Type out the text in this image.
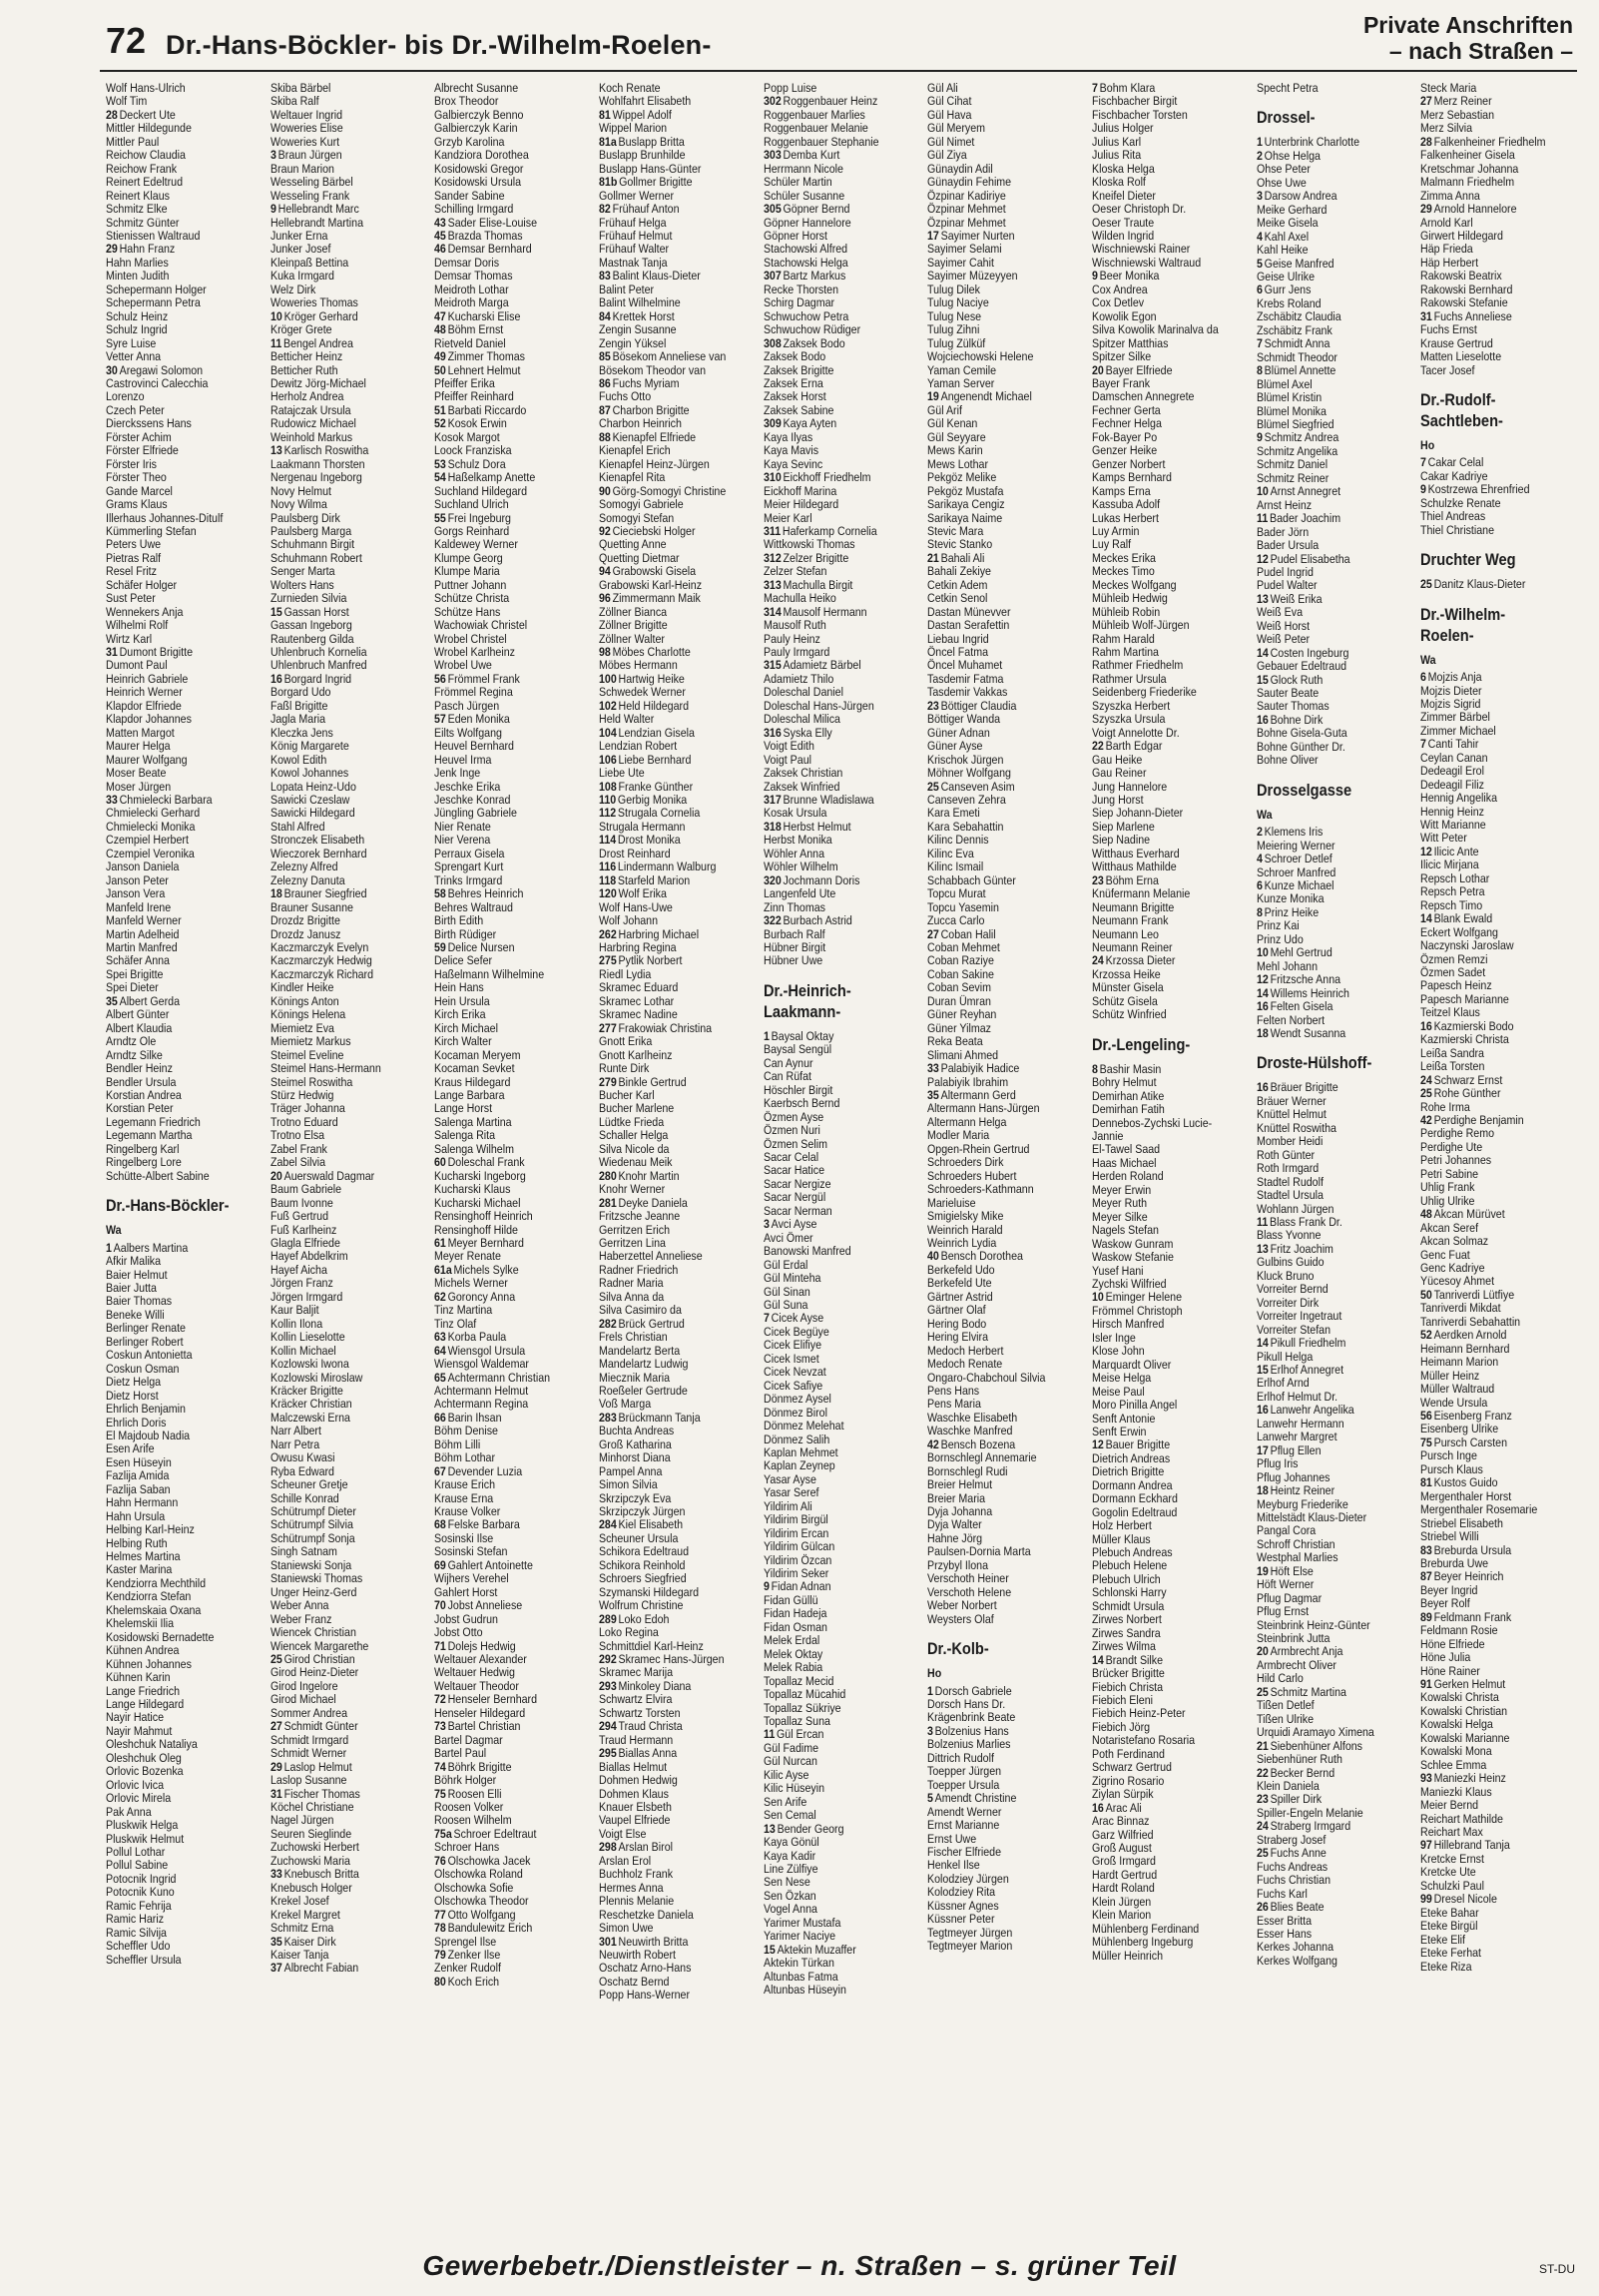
72 Dr.-Hans-Böckler- bis Dr.-Wilhelm-Roelen-
Private Anschriften
– nach Straßen –
Wolf Hans-Ulrich
Wolf Tim
28 Deckert Ute
Mittler Hildegunde
Mittler Paul
Reichow Claudia
Reichow Frank
Reinert Edeltrud
Reinert Klaus
Schmitz Elke
Schmitz Günter
Stienissen Waltraud
29 Hahn Franz
Hahn Marlies
Minten Judith
Schepermann Holger
Schepermann Petra
Schulz Heinz
Schulz Ingrid
Syre Luise
Vetter Anna
30 Aregawi Solomon
Castrovinci Calecchia
Lorenzo
Czech Peter
Dierckssens Hans
Förster Achim
Förster Elfriede
Förster Iris
Förster Theo
Gande Marcel
Grams Klaus
Illerhaus Johannes-Ditulf
Kümmerling Stefan
Peters Uwe
Pietras Ralf
Resel Fritz
Schäfer Holger
Sust Peter
Wennekers Anja
Wilhelmi Rolf
Wirtz Karl
31 Dumont Brigitte
Dumont Paul
Heinrich Gabriele
Heinrich Werner
Klapdor Elfriede
Klapdor Johannes
Matten Margot
Maurer Helga
Maurer Wolfgang
Moser Beate
Moser Jürgen
33 Chmielecki Barbara
Chmielecki Gerhard
Chmielecki Monika
Czempiel Herbert
Czempiel Veronika
Janson Daniela
Janson Peter
Janson Vera
Manfeld Irene
Manfeld Werner
Martin Adelheid
Martin Manfred
Schäfer Anna
Spei Brigitte
Spei Dieter
35 Albert Gerda
Albert Günter
Albert Klaudia
Arndtz Ole
Arndtz Silke
Bendler Heinz
Bendler Ursula
Korstian Andrea
Korstian Peter
Legemann Friedrich
Legemann Martha
Ringelberg Karl
Ringelberg Lore
Schütte-Albert Sabine
Dr.-Hans-Böckler-
Wa
1 Aalbers Martina
Afkir Malika
Baier Helmut
Baier Jutta
Baier Thomas
Beneke Willi
Berlinger Renate
Berlinger Robert
Coskun Antonietta
Coskun Osman
Dietz Helga
Dietz Horst
Ehrlich Benjamin
Ehrlich Doris
El Majdoub Nadia
Esen Arife
Esen Hüseyin
Fazlija Amida
Fazlija Saban
Hahn Hermann
Hahn Ursula
Helbing Karl-Heinz
Helbing Ruth
Helmes Martina
Kaster Marina
Kendziorra Mechthild
Kendziorra Stefan
Khelemskaia Oxana
Khelemskii Ilia
Kosidowski Bernadette
Kühnen Andrea
Kühnen Johannes
Kühnen Karin
Lange Friedrich
Lange Hildegard
Nayir Hatice
Nayir Mahmut
Oleshchuk Nataliya
Oleshchuk Oleg
Orlovic Bozenka
Orlovic Ivica
Orlovic Mirela
Pak Anna
Pluskwik Helga
Pluskwik Helmut
Pollul Lothar
Pollul Sabine
Potocnik Ingrid
Potocnik Kuno
Ramic Fehrija
Ramic Hariz
Ramic Silvija
Scheffler Udo
Scheffler Ursula
Skiba Bärbel
Skiba Ralf
Weltauer Ingrid
Woweries Elise
Woweries Kurt
3 Braun Jürgen
Braun Marion
Wesseling Bärbel
Wesseling Frank
9 Hellebrandt Marc
Hellebrandt Martina
Junker Erna
Junker Josef
Kleinpaß Bettina
Kuka Irmgard
Welz Dirk
Woweries Thomas
10 Kröger Gerhard
Kröger Grete
11 Bengel Andrea
Betticher Heinz
Betticher Ruth
Dewitz Jörg-Michael
Herholz Andrea
Ratajczak Ursula
Rudowicz Michael
Weinhold Markus
13 Karlisch Roswitha
Laakmann Thorsten
Nergenau Ingeborg
Novy Helmut
Novy Wilma
Paulsberg Dirk
Paulsberg Marga
Schuhmann Birgit
Schuhmann Robert
Senger Marta
Wolters Hans
Zurnieden Silvia
15 Gassan Horst
Gassan Ingeborg
Rautenberg Gilda
Uhlenbruch Kornelia
Uhlenbruch Manfred
16 Borgard Ingrid
Borgard Udo
Faßl Brigitte
Jagla Maria
Kleczka Jens
König Margarete
Kowol Edith
Kowol Johannes
Lopata Heinz-Udo
Sawicki Czeslaw
Sawicki Hildegard
Stahl Alfred
Stronczek Elisabeth
Wieczorek Bernhard
Zelezny Alfred
Zelezny Danuta
18 Brauner Siegfried
Brauner Susanne
Drozdz Brigitte
Drozdz Janusz
Kaczmarczyk Evelyn
Kaczmarczyk Hedwig
Kaczmarczyk Richard
Kindler Heike
Könings Anton
Könings Helena
Miemietz Eva
Miemietz Markus
Steimel Eveline
Steimel Hans-Hermann
Steimel Roswitha
Stürz Hedwig
Träger Johanna
Trotno Eduard
Trotno Elsa
Zabel Frank
Zabel Silvia
20 Auerswald Dagmar
Baum Gabriele
Baum Ivonne
Fuß Gertrud
Fuß Karlheinz
Glagla Elfriede
Hayef Abdelkrim
Hayef Aicha
Jörgen Franz
Jörgen Irmgard
Kaur Baljit
Kollin Ilona
Kollin Lieselotte
Kollin Michael
Kozlowski Iwona
Kozlowski Miroslaw
Kräcker Brigitte
Kräcker Christian
Malczewski Erna
Narr Albert
Narr Petra
Owusu Kwasi
Ryba Edward
Scheuner Gretje
Schille Konrad
Schütrumpf Dieter
Schütrumpf Silvia
Schütrumpf Sonja
Singh Satnam
Staniewski Sonja
Staniewski Thomas
Unger Heinz-Gerd
Weber Anna
Weber Franz
Wiencek Christian
Wiencek Margarethe
25 Girod Christian
Girod Heinz-Dieter
Girod Ingelore
Girod Michael
Sommer Andrea
27 Schmidt Günter
Schmidt Irmgard
Schmidt Werner
29 Laslop Helmut
Laslop Susanne
31 Fischer Thomas
Köchel Christiane
Nagel Jürgen
Seuren Sieglinde
Zuchowski Herbert
Zuchowski Maria
33 Knebusch Britta
Knebusch Holger
Krekel Josef
Krekel Margret
Schmitz Erna
35 Kaiser Dirk
Kaiser Tanja
37 Albrecht Fabian
Albrecht Susanne
Brox Theodor
Galbierczyk Benno
Galbierczyk Karin
Grzyb Karolina
Kandziora Dorothea
Kosidowski Gregor
Kosidowski Ursula
Sander Sabine
Schilling Irmgard
43 Sader Elise-Louise
45 Brazda Thomas
46 Demsar Bernhard
Demsar Doris
Demsar Thomas
Meidroth Lothar
Meidroth Marga
47 Kucharski Elise
48 Böhm Ernst
Rietveld Daniel
49 Zimmer Thomas
50 Lehnert Helmut
Pfeiffer Erika
Pfeiffer Reinhard
51 Barbati Riccardo
52 Kosok Erwin
Kosok Margot
Loock Franziska
53 Schulz Dora
54 Haßelkamp Anette
Suchland Hildegard
Suchland Ulrich
55 Frei Ingeburg
Gorgs Reinhard
Kaldewey Werner
Klumpe Georg
Klumpe Maria
Puttner Johann
Schütze Christa
Schütze Hans
Wachowiak Christel
Wrobel Christel
Wrobel Karlheinz
Wrobel Uwe
56 Frömmel Frank
Frömmel Regina
Pasch Jürgen
57 Eden Monika
Eilts Wolfgang
Heuvel Bernhard
Heuvel Irma
Jenk Inge
Jeschke Erika
Jeschke Konrad
Jüngling Gabriele
Nier Renate
Nier Verena
Perraux Gisela
Sprengart Kurt
Trinks Irmgard
58 Behres Heinrich
Behres Waltraud
Birth Edith
Birth Rüdiger
59 Delice Nursen
Delice Sefer
Haßelmann Wilhelmine
Hein Hans
Hein Ursula
Kirch Erika
Kirch Michael
Kirch Walter
Kocaman Meryem
Kocaman Sevket
Kraus Hildegard
Lange Barbara
Lange Horst
Salenga Martina
Salenga Rita
Salenga Wilhelm
60 Doleschal Frank
Kucharski Ingeborg
Kucharski Klaus
Kucharski Michael
Rensinghoff Heinrich
Rensinghoff Hilde
61 Meyer Bernhard
Meyer Renate
61a Michels Sylke
Michels Werner
62 Goroncy Anna
Tinz Martina
Tinz Olaf
63 Korba Paula
64 Wiensgol Ursula
Wiensgol Waldemar
65 Achtermann Christian
Achtermann Helmut
Achtermann Regina
66 Barin Ihsan
Böhm Denise
Böhm Lilli
Böhm Lothar
67 Devender Luzia
Krause Erich
Krause Erna
Krause Volker
68 Felske Barbara
Sosinski Ilse
Sosinski Stefan
69 Gahlert Antoinette
Wijhers Verehel
Gahlert Horst
70 Jobst Anneliese
Jobst Gudrun
Jobst Otto
71 Dolejs Hedwig
Weltauer Alexander
Weltauer Hedwig
Weltauer Theodor
72 Henseler Bernhard
Henseler Hildegard
73 Bartel Christian
Bartel Dagmar
Bartel Paul
74 Böhrk Brigitte
Böhrk Holger
75 Roosen Elli
Roosen Volker
Roosen Wilhelm
75a Schroer Edeltraut
Schroer Hans
76 Olschowka Jacek
Olschowka Roland
Olschowka Sofie
Olschowka Theodor
77 Otto Wolfgang
78 Bandulewitz Erich
Sprengel Ilse
79 Zenker Ilse
Zenker Rudolf
80 Koch Erich
Koch Renate
Wohlfahrt Elisabeth
81 Wippel Adolf
Wippel Marion
81a Buslapp Britta
Buslapp Brunhilde
Buslapp Hans-Günter
81b Gollmer Brigitte
Gollmer Werner
82 Frühauf Anton
Frühauf Helga
Frühauf Helmut
Frühauf Walter
Mastnak Tanja
83 Balint Klaus-Dieter
Balint Peter
Balint Wilhelmine
84 Krettek Horst
Zengin Susanne
Zengin Yüksel
85 Bösekom Anneliese van
Bösekom Theodor van
86 Fuchs Myriam
Fuchs Otto
87 Charbon Brigitte
Charbon Heinrich
88 Kienapfel Elfriede
Kienapfel Erich
Kienapfel Heinz-Jürgen
Kienapfel Rita
90 Görg-Somogyi Christine
Somogyi Gabriele
Somogyi Stefan
92 Cieciebski Holger
Quetting Anne
Quetting Dietmar
94 Grabowski Gisela
Grabowski Karl-Heinz
96 Zimmermann Maik
Zöllner Bianca
Zöllner Brigitte
Zöllner Walter
98 Möbes Charlotte
Möbes Hermann
100 Hartwig Heike
Schwedek Werner
102 Held Hildegard
Held Walter
104 Lendzian Gisela
Lendzian Robert
106 Liebe Bernhard
Liebe Ute
108 Franke Günther
110 Gerbig Monika
112 Strugala Cornelia
Strugala Hermann
114 Drost Monika
Drost Reinhard
116 Lindermann Walburg
118 Starfeld Marion
120 Wolf Erika
Wolf Hans-Uwe
Wolf Johann
262 Harbring Michael
Harbring Regina
275 Pytlik Norbert
Riedl Lydia
Skramec Eduard
Skramec Lothar
Skramec Nadine
277 Frakowiak Christina
Gnott Erika
Gnott Karlheinz
Runte Dirk
279 Binkle Gertrud
Bucher Karl
Bucher Marlene
Lüdtke Frieda
Schaller Helga
Silva Nicole da
Wiedenau Meik
280 Knohr Martin
Knohr Werner
281 Deyke Daniela
Fritzsche Jeanne
Gerritzen Erich
Gerritzen Lina
Haberzettel Anneliese
Radner Friedrich
Radner Maria
Silva Anna da
Silva Casimiro da
282 Brück Gertrud
Frels Christian
Mandelartz Berta
Mandelartz Ludwig
Miecznik Maria
Roeßeler Gertrude
Voß Marga
283 Brückmann Tanja
Buchta Andreas
Groß Katharina
Minhorst Diana
Pampel Anna
Simon Silvia
Skrzipczyk Eva
Skrzipczyk Jürgen
284 Kiel Elisabeth
Scheuner Ursula
Schikora Edeltraud
Schikora Reinhold
Schroers Siegfried
Szymanski Hildegard
Wolfrum Christine
289 Loko Edoh
Loko Regina
Schmittdiel Karl-Heinz
292 Skramec Hans-Jürgen
Skramec Marija
293 Minkoley Diana
Schwartz Elvira
Schwartz Torsten
294 Traud Christa
Traud Hermann
295 Biallas Anna
Biallas Helmut
Dohmen Hedwig
Dohmen Klaus
Knauer Elsbeth
Vaupel Elfriede
Voigt Else
298 Arslan Birol
Arslan Erol
Buchholz Frank
Hermes Anna
Plennis Melanie
Reschetzke Daniela
Simon Uwe
301 Neuwirth Britta
Neuwirth Robert
Oschatz Arno-Hans
Oschatz Bernd
Popp Hans-Werner
Popp Luise
302 Roggenbauer Heinz
Roggenbauer Marlies
Roggenbauer Melanie
Roggenbauer Stephanie
303 Demba Kurt
Herrmann Nicole
Schüler Martin
Schüler Susanne
305 Göpner Bernd
Göpner Hannelore
Göpner Horst
Stachowski Alfred
Stachowski Helga
307 Bartz Markus
Recke Thorsten
Schirg Dagmar
Schwuchow Petra
Schwuchow Rüdiger
308 Zaksek Bodo
Zaksek Bodo
Zaksek Brigitte
Zaksek Erna
Zaksek Horst
Zaksek Sabine
309 Kaya Ayten
Kaya Ilyas
Kaya Mavis
Kaya Sevinc
310 Eickhoff Friedhelm
Eickhoff Marina
Meier Hildegard
Meier Karl
311 Haferkamp Cornelia
Wittkowski Thomas
312 Zelzer Brigitte
Zelzer Stefan
313 Machulla Birgit
Machulla Heiko
314 Mausolf Hermann
Mausolf Ruth
Pauly Heinz
Pauly Irmgard
315 Adamietz Bärbel
Adamietz Thilo
Doleschal Daniel
Doleschal Hans-Jürgen
Doleschal Milica
316 Syska Elly
Voigt Edith
Voigt Paul
Zaksek Christian
Zaksek Winfried
317 Brunne Wladislawa
Kosak Ursula
318 Herbst Helmut
Herbst Monika
Wöhler Anna
Wöhler Wilhelm
320 Jochmann Doris
Langenfeld Ute
Zinn Thomas
322 Burbach Astrid
Burbach Ralf
Hübner Birgit
Hübner Uwe
Dr.-Heinrich-
Laakmann-
1 Baysal Oktay
Baysal Sengül
Can Aynur
Can Rüfat
Höschler Birgit
Kaerbsch Bernd
Özmen Ayse
Özmen Nuri
Özmen Selim
Sacar Celal
Sacar Hatice
Sacar Nergize
Sacar Nergül
Sacar Nerman
3 Avci Ayse
Avci Ömer
Banowski Manfred
Gül Erdal
Gül Minteha
Gül Sinan
Gül Suna
7 Cicek Ayse
Cicek Begüye
Cicek Elifiye
Cicek Ismet
Cicek Nevzat
Cicek Safiye
Dönmez Aysel
Dönmez Birol
Dönmez Melehat
Dönmez Salih
Kaplan Mehmet
Kaplan Zeynep
Yasar Ayse
Yasar Seref
Yildirim Ali
Yildirim Birgül
Yildirim Ercan
Yildirim Gülcan
Yildirim Özcan
Yildirim Seker
9 Fidan Adnan
Fidan Güllü
Fidan Hadeja
Fidan Osman
Melek Erdal
Melek Oktay
Melek Rabia
Topallaz Mecid
Topallaz Mücahid
Topallaz Sükriye
Topallaz Suna
11 Gül Ercan
Gül Fadime
Gül Nurcan
Kilic Ayse
Kilic Hüseyin
Sen Arife
Sen Cemal
13 Bender Georg
Kaya Gönül
Kaya Kadir
Line Zülfiye
Sen Nese
Sen Özkan
Vogel Anna
Yarimer Mustafa
Yarimer Naciye
15 Aktekin Muzaffer
Aktekin Türkan
Altunbas Fatma
Altunbas Hüseyin
Gül Ali
Gül Cihat
Gül Hava
Gül Meryem
Gül Nimet
Gül Ziya
Günaydin Adil
Günaydin Fehime
Özpinar Kadiriye
Özpinar Mehmet
Özpinar Mehmet
17 Sayimer Nurten
Sayimer Selami
Sayimer Cahit
Sayimer Müzeyyen
Tulug Dilek
Tulug Naciye
Tulug Nese
Tulug Zihni
Tulug Zülküf
Wojciechowski Helene
Yaman Cemile
Yaman Server
19 Angenendt Michael
Gül Arif
Gül Kenan
Gül Seyyare
Mews Karin
Mews Lothar
Pekgöz Melike
Pekgöz Mustafa
Sarikaya Cengiz
Sarikaya Naime
Stevic Mara
Stevic Stanko
21 Bahali Ali
Bahali Zekiye
Cetkin Adem
Cetkin Senol
Dastan Münevver
Dastan Serafettin
Liebau Ingrid
Öncel Fatma
Öncel Muhamet
Tasdemir Fatma
Tasdemir Vakkas
23 Böttiger Claudia
Böttiger Wanda
Güner Adnan
Güner Ayse
Krischok Jürgen
Möhner Wolfgang
25 Canseven Asim
Canseven Zehra
Kara Emeti
Kara Sebahattin
Kilinc Dennis
Kilinc Eva
Kilinc Ismail
Schabbach Günter
Topcu Murat
Topcu Yasemin
Zucca Carlo
27 Coban Halil
Coban Mehmet
Coban Raziye
Coban Sakine
Coban Sevim
Duran Ümran
Güner Reyhan
Güner Yilmaz
Reka Beata
Slimani Ahmed
33 Palabiyik Hadice
Palabiyik Ibrahim
35 Altermann Gerd
Altermann Hans-Jürgen
Altermann Helga
Modler Maria
Opgen-Rhein Gertrud
Schroeders Dirk
Schroeders Hubert
Schroeders-Kathmann
Marieluise
Smigielsky Mike
Weinrich Harald
Weinrich Lydia
40 Bensch Dorothea
Berkefeld Udo
Berkefeld Ute
Gärtner Astrid
Gärtner Olaf
Hering Bodo
Hering Elvira
Medoch Herbert
Medoch Renate
Ongaro-Chabchoul Silvia
Pens Hans
Pens Maria
Waschke Elisabeth
Waschke Manfred
42 Bensch Bozena
Bornschlegl Annemarie
Bornschlegl Rudi
Breier Helmut
Breier Maria
Dyja Johanna
Dyja Walter
Hahne Jörg
Paulsen-Dornia Marta
Przybyl Ilona
Verschoth Heiner
Verschoth Helene
Weber Norbert
Weysters Olaf
Dr.-Kolb-
Ho
1 Dorsch Gabriele
Dorsch Hans Dr.
Krägenbrink Beate
3 Bolzenius Hans
Bolzenius Marlies
Dittrich Rudolf
Toepper Jürgen
Toepper Ursula
5 Amendt Christine
Amendt Werner
Ernst Marianne
Ernst Uwe
Fischer Elfriede
Henkel Ilse
Kolodziey Jürgen
Kolodziey Rita
Küssner Agnes
Küssner Peter
Tegtmeyer Jürgen
Tegtmeyer Marion
7 Bohm Klara
Fischbacher Birgit
Fischbacher Torsten
Julius Holger
Julius Karl
Julius Rita
Kloska Helga
Kloska Rolf
Kneifel Dieter
Oeser Christoph Dr.
Oeser Traute
Wilden Ingrid
Wischniewski Rainer
Wischniewski Waltraud
9 Beer Monika
Cox Andrea
Cox Detlev
Kowolik Egon
Silva Kowolik Marinalva da
Spitzer Matthias
Spitzer Silke
20 Bayer Elfriede
Bayer Frank
Damschen Annegrete
Fechner Gerta
Fechner Helga
Fok-Bayer Po
Genzer Heike
Genzer Norbert
Kamps Bernhard
Kamps Erna
Kassuba Adolf
Lukas Herbert
Luy Armin
Luy Ralf
Meckes Erika
Meckes Timo
Meckes Wolfgang
Mühleib Hedwig
Mühleib Robin
Mühleib Wolf-Jürgen
Rahm Harald
Rahm Martina
Rathmer Friedhelm
Rathmer Ursula
Seidenberg Friederike
Szyszka Herbert
Szyszka Ursula
Voigt Annelotte Dr.
22 Barth Edgar
Gau Heike
Gau Reiner
Jung Hannelore
Jung Horst
Siep Johann-Dieter
Siep Marlene
Siep Nadine
Witthaus Everhard
Witthaus Mathilde
23 Böhm Erna
Knüfermann Melanie
Neumann Brigitte
Neumann Frank
Neumann Leo
Neumann Reiner
24 Krzossa Dieter
Krzossa Heike
Münster Gisela
Schütz Gisela
Schütz Winfried
Dr.-Lengeling-
8 Bashir Masin
Bohry Helmut
Demirhan Atike
Demirhan Fatih
Dennebos-Zychski Lucie-
Jannie
El-Tawel Saad
Haas Michael
Herden Roland
Meyer Erwin
Meyer Ruth
Meyer Silke
Nagels Stefan
Waskow Gunram
Waskow Stefanie
Yusef Hani
Zychski Wilfried
10 Eminger Helene
Frömmel Christoph
Hirsch Manfred
Isler Inge
Klose John
Marquardt Oliver
Meise Helga
Meise Paul
Moro Pinilla Angel
Senft Antonie
Senft Erwin
12 Bauer Brigitte
Dietrich Andreas
Dietrich Brigitte
Dormann Andrea
Dormann Eckhard
Gogolin Edeltraud
Holz Herbert
Müller Klaus
Plebuch Andreas
Plebuch Helene
Plebuch Ulrich
Schlonski Harry
Schmidt Ursula
Zirwes Norbert
Zirwes Sandra
Zirwes Wilma
14 Brandt Silke
Brücker Brigitte
Fiebich Christa
Fiebich Eleni
Fiebich Heinz-Peter
Fiebich Jörg
Notaristefano Rosaria
Poth Ferdinand
Schwarz Gertrud
Zigrino Rosario
Ziylan Sürpik
16 Arac Ali
Arac Binnaz
Garz Wilfried
Groß August
Groß Irmgard
Hardt Gertrud
Hardt Roland
Klein Jürgen
Klein Marion
Mühlenberg Ferdinand
Mühlenberg Ingeburg
Müller Heinrich
Specht Petra
Drossel-
1 Unterbrink Charlotte
2 Ohse Helga
Ohse Peter
Ohse Uwe
3 Darsow Andrea
Meike Gerhard
Meike Gisela
4 Kahl Axel
Kahl Heike
5 Geise Manfred
Geise Ulrike
6 Gurr Jens
Krebs Roland
Zschäbitz Claudia
Zschäbitz Frank
7 Schmidt Anna
Schmidt Theodor
8 Blümel Annette
Blümel Axel
Blümel Kristin
Blümel Monika
Blümel Siegfried
9 Schmitz Andrea
Schmitz Angelika
Schmitz Daniel
Schmitz Reiner
10 Arnst Annegret
Arnst Heinz
11 Bader Joachim
Bader Jörn
Bader Ursula
12 Pudel Elisabetha
Pudel Ingrid
Pudel Walter
13 Weiß Erika
Weiß Eva
Weiß Horst
Weiß Peter
14 Costen Ingeburg
Gebauer Edeltraud
15 Glock Ruth
Sauter Beate
Sauter Thomas
16 Bohne Dirk
Bohne Gisela-Guta
Bohne Günther Dr.
Bohne Oliver
Drosselgasse
Wa
2 Klemens Iris
Meiering Werner
4 Schroer Detlef
Schroer Manfred
6 Kunze Michael
Kunze Monika
8 Prinz Heike
Prinz Kai
Prinz Udo
10 Mehl Gertrud
Mehl Johann
12 Fritzsche Anna
14 Willems Heinrich
16 Felten Gisela
Felten Norbert
18 Wendt Susanna
Droste-Hülshoff-
16 Bräuer Brigitte
Bräuer Werner
Knüttel Helmut
Knüttel Roswitha
Momber Heidi
Roth Günter
Roth Irmgard
Stadtel Rudolf
Stadtel Ursula
Wohlann Jürgen
11 Blass Frank Dr.
Blass Yvonne
13 Fritz Joachim
Gulbins Guido
Kluck Bruno
Vorreiter Bernd
Vorreiter Dirk
Vorreiter Ingetraut
Vorreiter Stefan
14 Pikull Friedhelm
Pikull Helga
15 Erlhof Annegret
Erlhof Arnd
Erlhof Helmut Dr.
16 Lanwehr Angelika
Lanwehr Hermann
Lanwehr Margret
17 Pflug Ellen
Pflug Iris
Pflug Johannes
18 Heintz Reiner
Meyburg Friederike
Mittelstädt Klaus-Dieter
Pangal Cora
Schroff Christian
Westphal Marlies
19 Höft Else
Höft Werner
Pflug Dagmar
Pflug Ernst
Steinbrink Heinz-Günter
Steinbrink Jutta
20 Armbrecht Anja
Armbrecht Oliver
Hild Carlo
25 Schmitz Martina
Tißen Detlef
Tißen Ulrike
Urquidi Aramayo Ximena
21 Siebenhüner Alfons
Siebenhüner Ruth
22 Becker Bernd
Klein Daniela
23 Spiller Dirk
Spiller-Engeln Melanie
24 Straberg Irmgard
Straberg Josef
25 Fuchs Anne
Fuchs Andreas
Fuchs Christian
Fuchs Karl
26 Blies Beate
Esser Britta
Esser Hans
Kerkes Johanna
Kerkes Wolfgang
Steck Maria
27 Merz Reiner
Merz Sebastian
Merz Silvia
28 Falkenheiner Friedhelm
Falkenheiner Gisela
Kretschmar Johanna
Malmann Friedhelm
Zimma Anna
29 Arnold Hannelore
Arnold Karl
Girwert Hildegard
Häp Frieda
Häp Herbert
Rakowski Beatrix
Rakowski Bernhard
Rakowski Stefanie
31 Fuchs Anneliese
Fuchs Ernst
Krause Gertrud
Matten Lieselotte
Tacer Josef
Dr.-Rudolf-
Sachtleben-
Ho
7 Cakar Celal
Cakar Kadriye
9 Kostrzewa Ehrenfried
Schulzke Renate
Thiel Andreas
Thiel Christiane
Druchter Weg
25 Danitz Klaus-Dieter
Dr.-Wilhelm-
Roelen-
Wa
6 Mojzis Anja
Mojzis Dieter
Mojzis Sigrid
Zimmer Bärbel
Zimmer Michael
7 Canti Tahir
Ceylan Canan
Dedeagil Erol
Dedeagil Filiz
Hennig Angelika
Hennig Heinz
Witt Marianne
Witt Peter
12 Ilicic Ante
Ilicic Mirjana
Repsch Lothar
Repsch Petra
Repsch Timo
14 Blank Ewald
Eckert Wolfgang
Naczynski Jaroslaw
Özmen Remzi
Özmen Sadet
Papesch Heinz
Papesch Marianne
Teitzel Klaus
16 Kazmierski Bodo
Kazmierski Christa
Leißa Sandra
Leißa Torsten
24 Schwarz Ernst
25 Rohe Günther
Rohe Irma
42 Perdighe Benjamin
Perdighe Remo
Perdighe Ute
Petri Johannes
Petri Sabine
Uhlig Frank
Uhlig Ulrike
48 Akcan Mürüvet
Akcan Seref
Akcan Solmaz
Genc Fuat
Genc Kadriye
Yücesoy Ahmet
50 Tanriverdi Lütfiye
Tanriverdi Mikdat
Tanriverdi Sebahattin
52 Aerdken Arnold
Heimann Bernhard
Heimann Marion
Müller Heinz
Müller Waltraud
Wende Ursula
56 Eisenberg Franz
Eisenberg Ulrike
75 Pursch Carsten
Pursch Inge
Pursch Klaus
81 Kustos Guido
Mergenthaler Horst
Mergenthaler Rosemarie
Striebel Elisabeth
Striebel Willi
83 Breburda Ursula
Breburda Uwe
87 Beyer Heinrich
Beyer Ingrid
Beyer Rolf
89 Feldmann Frank
Feldmann Rosie
Höne Elfriede
Höne Julia
Höne Rainer
91 Gerken Helmut
Kowalski Christa
Kowalski Christian
Kowalski Helga
Kowalski Marianne
Kowalski Mona
Schlee Emma
93 Maniezki Heinz
Maniezki Klaus
Meier Bernd
Reichart Mathilde
Reichart Max
97 Hillebrand Tanja
Kretcke Ernst
Kretcke Ute
Schulzki Paul
99 Dresel Nicole
Eteke Bahar
Eteke Birgül
Eteke Elif
Eteke Ferhat
Eteke Riza
Gewerbebetr./Dienstleister – n. Straßen – s. grüner Teil	ST-DU
